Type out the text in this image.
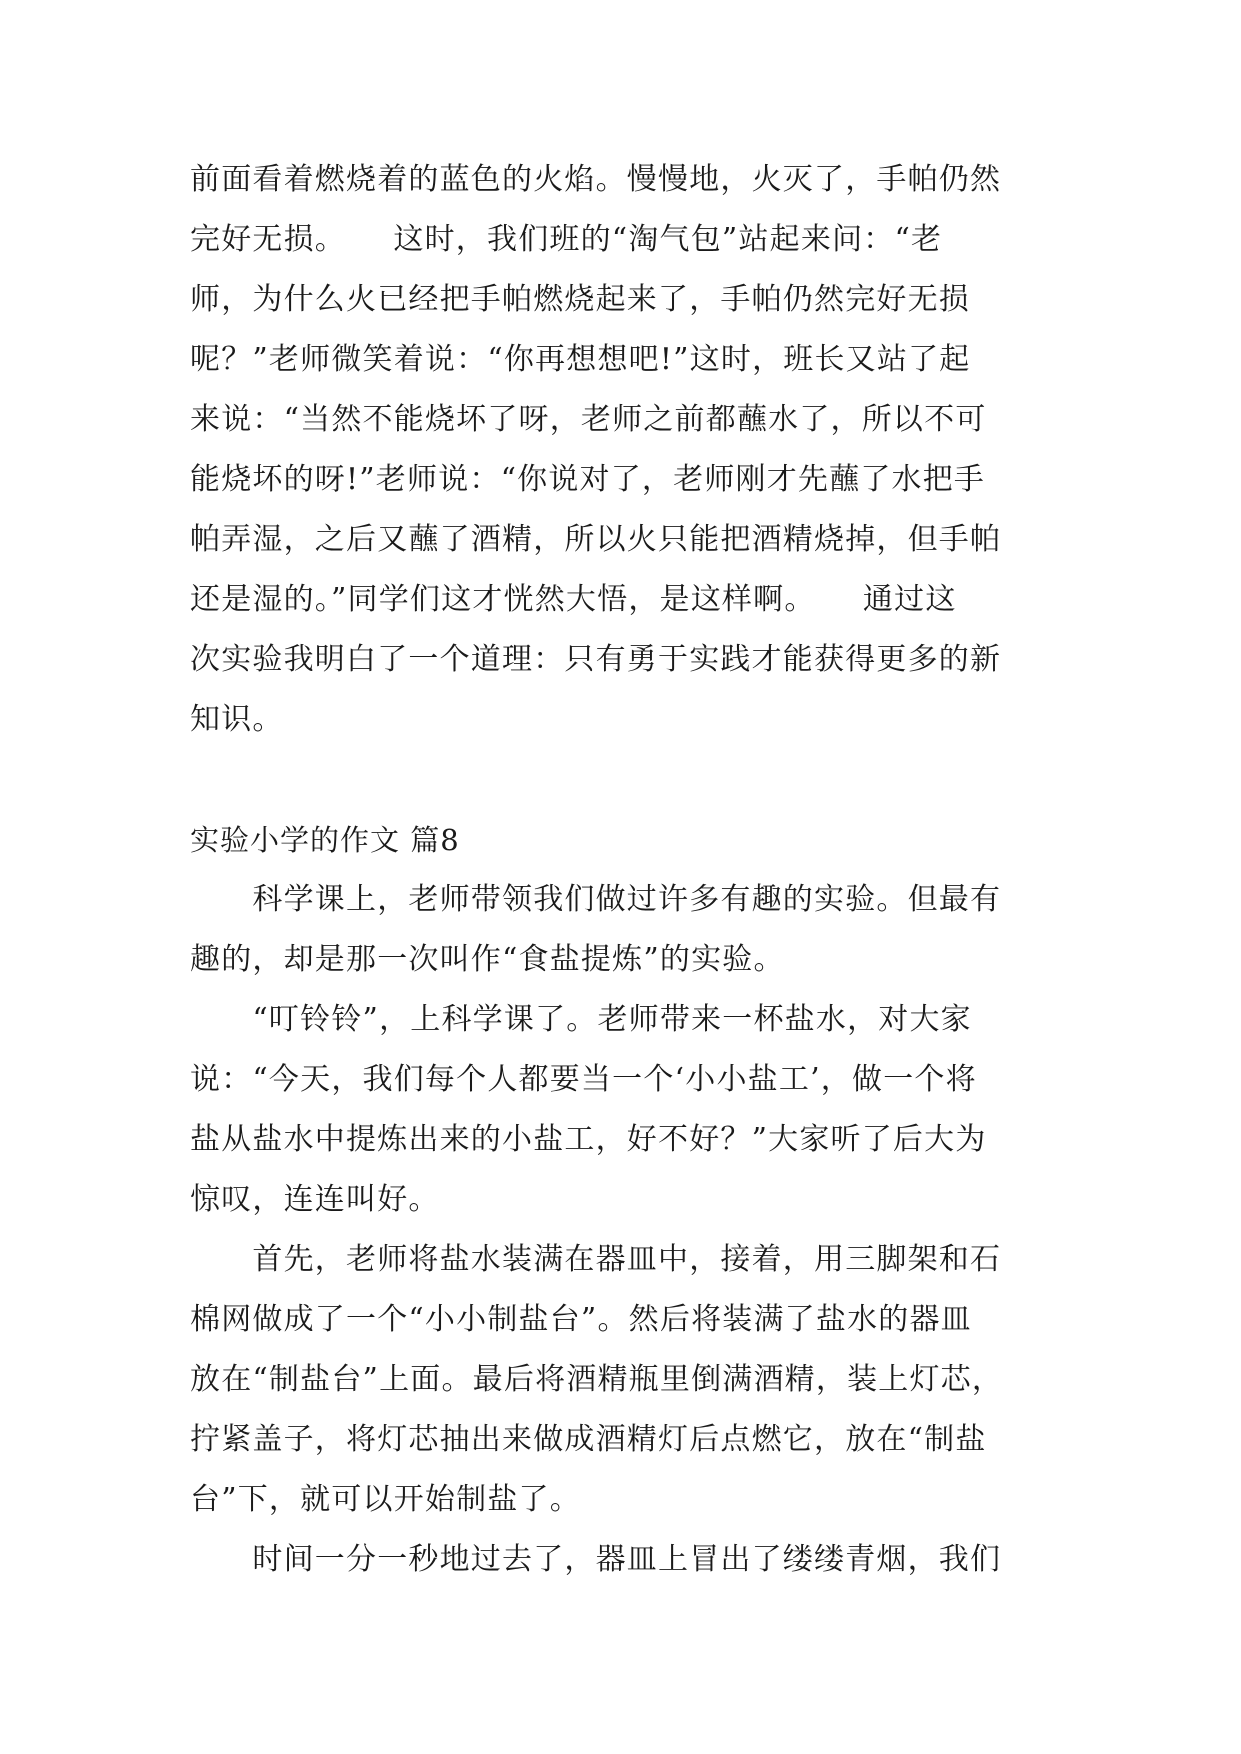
前面看着燃烧着的蓝色的火焰。慢慢地，火灭了，手帕仍然
完好无损。　　这时，我们班的“淘气包”站起来问：“老
师，为什么火已经把手帕燃烧起来了，手帕仍然完好无损
呢？”老师微笑着说：“你再想想吧!”这时，班长又站了起
来说：“当然不能烧坏了呀，老师之前都蘸水了，所以不可
能烧坏的呀!”老师说：“你说对了，老师刚才先蘸了水把手
帕弄湿，之后又蘸了酒精，所以火只能把酒精烧掉，但手帕
还是湿的。”同学们这才恍然大悟，是这样啊。　　通过这
次实验我明白了一个道理：只有勇于实践才能获得更多的新
知识。
实验小学的作文 篇8
　　科学课上，老师带领我们做过许多有趣的实验。但最有
趣的，却是那一次叫作“食盐提炼”的实验。
　　“叮铃铃”，上科学课了。老师带来一杯盐水，对大家
说：“今天，我们每个人都要当一个‘小小盐工’，做一个将
盐从盐水中提炼出来的小盐工，好不好？”大家听了后大为
惊叹，连连叫好。
　　首先，老师将盐水装满在器皿中，接着，用三脚架和石
棉网做成了一个“小小制盐台”。然后将装满了盐水的器皿
放在“制盐台”上面。最后将酒精瓶里倒满酒精，装上灯芯，
拧紧盖子，将灯芯抽出来做成酒精灯后点燃它，放在“制盐
台”下，就可以开始制盐了。
　　时间一分一秒地过去了，器皿上冒出了缕缕青烟，我们
